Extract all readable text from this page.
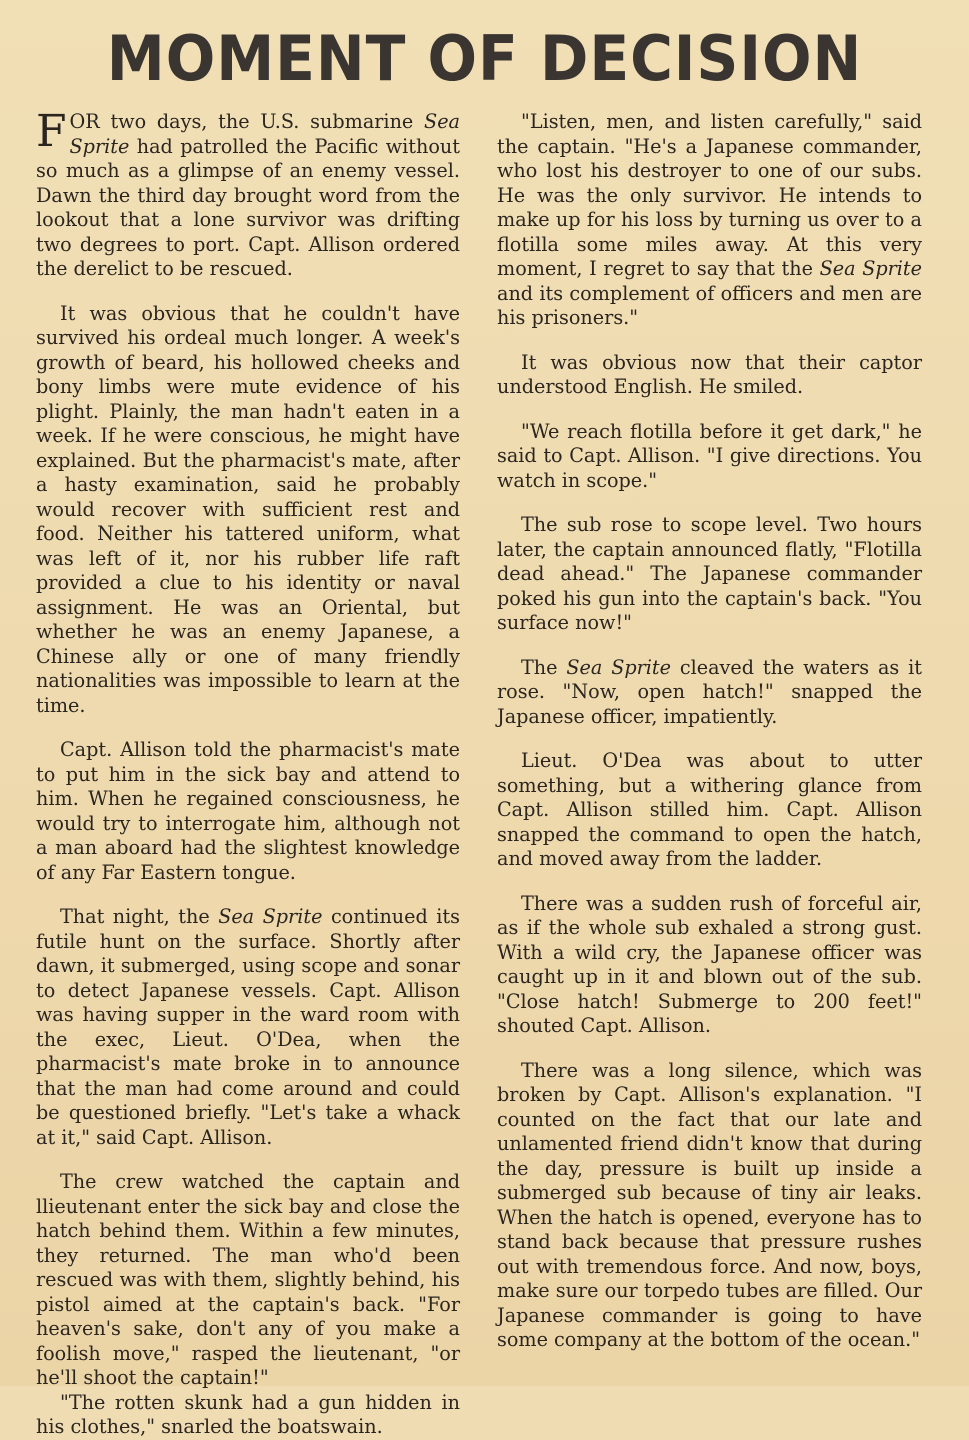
MOMENT OF DECISION

FOR two days, the U.S. submarine Sea Sprite had patrolled the Pacific without so much as a glimpse of an enemy vessel. Dawn the third day brought word from the lookout that a lone survivor was drifting two degrees to port. Capt. Allison ordered the derelict to be rescued.

It was obvious that he couldn't have survived his ordeal much longer. A week's growth of beard, his hollowed cheeks and bony limbs were mute evidence of his plight. Plainly, the man hadn't eaten in a week. If he were conscious, he might have explained. But the pharmacist's mate, after a hasty examination, said he probably would recover with sufficient rest and food. Neither his tattered uniform, what was left of it, nor his rubber life raft provided a clue to his identity or naval assignment. He was an Oriental, but whether he was an enemy Japanese, a Chinese ally or one of many friendly nationalities was impossible to learn at the time.

Capt. Allison told the pharmacist's mate to put him in the sick bay and attend to him. When he regained consciousness, he would try to interrogate him, although not a man aboard had the slightest knowledge of any Far Eastern tongue.

That night, the Sea Sprite continued its futile hunt on the surface. Shortly after dawn, it submerged, using scope and sonar to detect Japanese vessels. Capt. Allison was having supper in the ward room with the exec, Lieut. O'Dea, when the pharmacist's mate broke in to announce that the man had come around and could be questioned briefly. "Let's take a whack at it," said Capt. Allison.

The crew watched the captain and llieutenant enter the sick bay and close the hatch behind them. Within a few minutes, they returned. The man who'd been rescued was with them, slightly behind, his pistol aimed at the captain's back. "For heaven's sake, don't any of you make a foolish move," rasped the lieutenant, "or he'll shoot the captain!"

"The rotten skunk had a gun hidden in his clothes," snarled the boatswain.

"Listen, men, and listen carefully," said the captain. "He's a Japanese commander, who lost his destroyer to one of our subs. He was the only survivor. He intends to make up for his loss by turning us over to a flotilla some miles away. At this very moment, I regret to say that the Sea Sprite and its complement of officers and men are his prisoners."

It was obvious now that their captor understood English. He smiled.

"We reach flotilla before it get dark," he said to Capt. Allison. "I give directions. You watch in scope."

The sub rose to scope level. Two hours later, the captain announced flatly, "Flotilla dead ahead." The Japanese commander poked his gun into the captain's back. "You surface now!"

The Sea Sprite cleaved the waters as it rose. "Now, open hatch!" snapped the Japanese officer, impatiently.

Lieut. O'Dea was about to utter something, but a withering glance from Capt. Allison stilled him. Capt. Allison snapped the command to open the hatch, and moved away from the ladder.

There was a sudden rush of forceful air, as if the whole sub exhaled a strong gust. With a wild cry, the Japanese officer was caught up in it and blown out of the sub. "Close hatch! Submerge to 200 feet!" shouted Capt. Allison.

There was a long silence, which was broken by Capt. Allison's explanation. "I counted on the fact that our late and unlamented friend didn't know that during the day, pressure is built up inside a submerged sub because of tiny air leaks. When the hatch is opened, everyone has to stand back because that pressure rushes out with tremendous force. And now, boys, make sure our torpedo tubes are filled. Our Japanese commander is going to have some company at the bottom of the ocean."
